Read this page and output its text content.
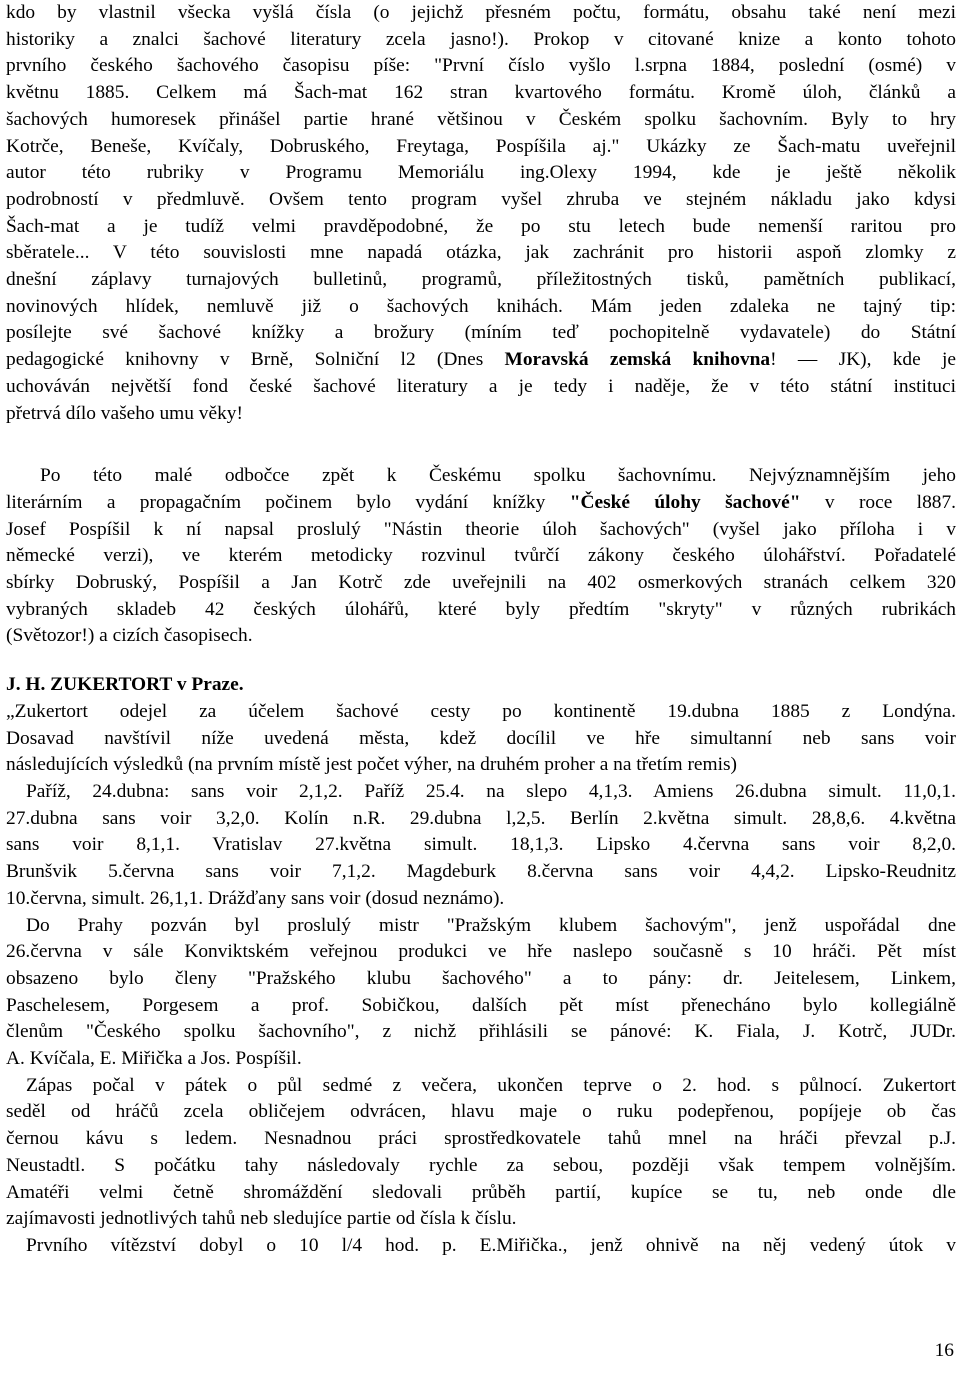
kdo by vlastnil všecka vyšlá čísla (o jejichž přesném počtu, formátu, obsahu také není mezi
historiky a znalci šachové literatury zcela jasno!). Prokop v citované knize a konto tohoto
prvního českého šachového časopisu píše: "První číslo vyšlo l.srpna 1884, poslední (osmé) v
květnu 1885. Celkem má Šach-mat 162 stran kvartového formátu. Kromě úloh, článků a
šachových humoresek přinášel partie hrané většinou v Českém spolku šachovním. Byly to hry
Kotrče, Beneše, Kvíčaly, Dobruského, Freytaga, Pospíšila aj." Ukázky ze Šach-matu uveřejnil
autor této rubriky v Programu Memoriálu ing.Olexy 1994, kde je ještě několik
podrobností v předmluvě. Ovšem tento program vyšel zhruba ve stejném nákladu jako kdysi
Šach-mat a je tudíž velmi pravděpodobné, že po stu letech bude nemenší raritou pro
sběratele... V této souvislosti mne napadá otázka, jak zachránit pro historii aspoň zlomky z
dnešní záplavy turnajových bulletinů, programů, příležitostných tisků, pamětních publikací,
novinových hlídek, nemluvě již o šachových knihách. Mám jeden zdaleka ne tajný tip:
posílejte své šachové knížky a brožury (míním teď pochopitelně vydavatele) do Státní
pedagogické knihovny v Brně, Solniční l2 (Dnes Moravská zemská knihovna! — JK), kde je
uchováván největší fond české šachové literatury a je tedy i naděje, že v této státní instituci
přetrvá dílo vašeho umu věky!
Po této malé odbočce zpět k Českému spolku šachovnímu. Nejvýznamnějším jeho
literárním a propagačním počinem bylo vydání knížky "České úlohy šachové" v roce l887.
Josef Pospíšil k ní napsal proslulý "Nástin theorie úloh šachových" (vyšel jako příloha i v
německé verzi), ve kterém metodicky rozvinul tvůrčí zákony českého úlohářství. Pořadatelé
sbírky Dobruský, Pospíšil a Jan Kotrč zde uveřejnili na 402 osmerkových stranách celkem 320
vybraných skladeb 42 českých úlohářů, které byly předtím "skryty" v různých rubrikách
(Světozor!) a cizích časopisech.

J. H. ZUKERTORT v Praze.

„Zukertort odejel za účelem šachové cesty po kontinentě 19.dubna 1885 z Londýna.
Dosavad navštívil níže uvedená města, kdež docílil ve hře simultanní neb sans voir
následujících výsledků (na prvním místě jest počet výher, na druhém proher a na třetím remis)
Paříž, 24.dubna: sans voir 2,1,2. Paříž 25.4. na slepo 4,1,3. Amiens 26.dubna simult. 11,0,1.
27.dubna sans voir 3,2,0. Kolín n.R. 29.dubna l,2,5. Berlín 2.května simult. 28,8,6. 4.května
sans voir 8,1,1. Vratislav 27.května simult. 18,1,3. Lipsko 4.června sans voir 8,2,0.
Brunšvik 5.června sans voir 7,1,2. Magdeburk 8.června sans voir 4,4,2. Lipsko-Reudnitz
10.června, simult. 26,1,1. Drážďany sans voir (dosud neznámo).
Do Prahy pozván byl proslulý mistr "Pražským klubem šachovým", jenž uspořádal dne
26.června v sále Konviktském veřejnou produkci ve hře naslepo současně s 10 hráči. Pět míst
obsazeno bylo členy "Pražského klubu šachového" a to pány: dr. Jeitelesem, Linkem,
Paschelesem, Porgesem a prof. Sobičkou, dalších pět míst přenecháno bylo kollegiálně
členům "Českého spolku šachovního", z nichž přihlásili se pánové: K. Fiala, J. Kotrč, JUDr.
A. Kvíčala, E. Miřička a Jos. Pospíšil.
Zápas počal v pátek o půl sedmé z večera, ukončen teprve o 2. hod. s půlnocí. Zukertort
seděl od hráčů zcela obličejem odvrácen, hlavu maje o ruku podepřenou, popíjeje ob čas
černou kávu s ledem. Nesnadnou práci sprostředkovatele tahů mnel na hráči převzal p.J.
Neustadtl. S počátku tahy následovaly rychle za sebou, později však tempem volnějším.
Amatéři velmi četně shromáždění sledovali průběh partií, kupíce se tu, neb onde dle
zajímavosti jednotlivých tahů neb sledujíce partie od čísla k číslu.
Prvního vítězství dobyl o 10 l/4 hod. p. E.Miřička., jenž ohnivě na něj vedený útok v
16
